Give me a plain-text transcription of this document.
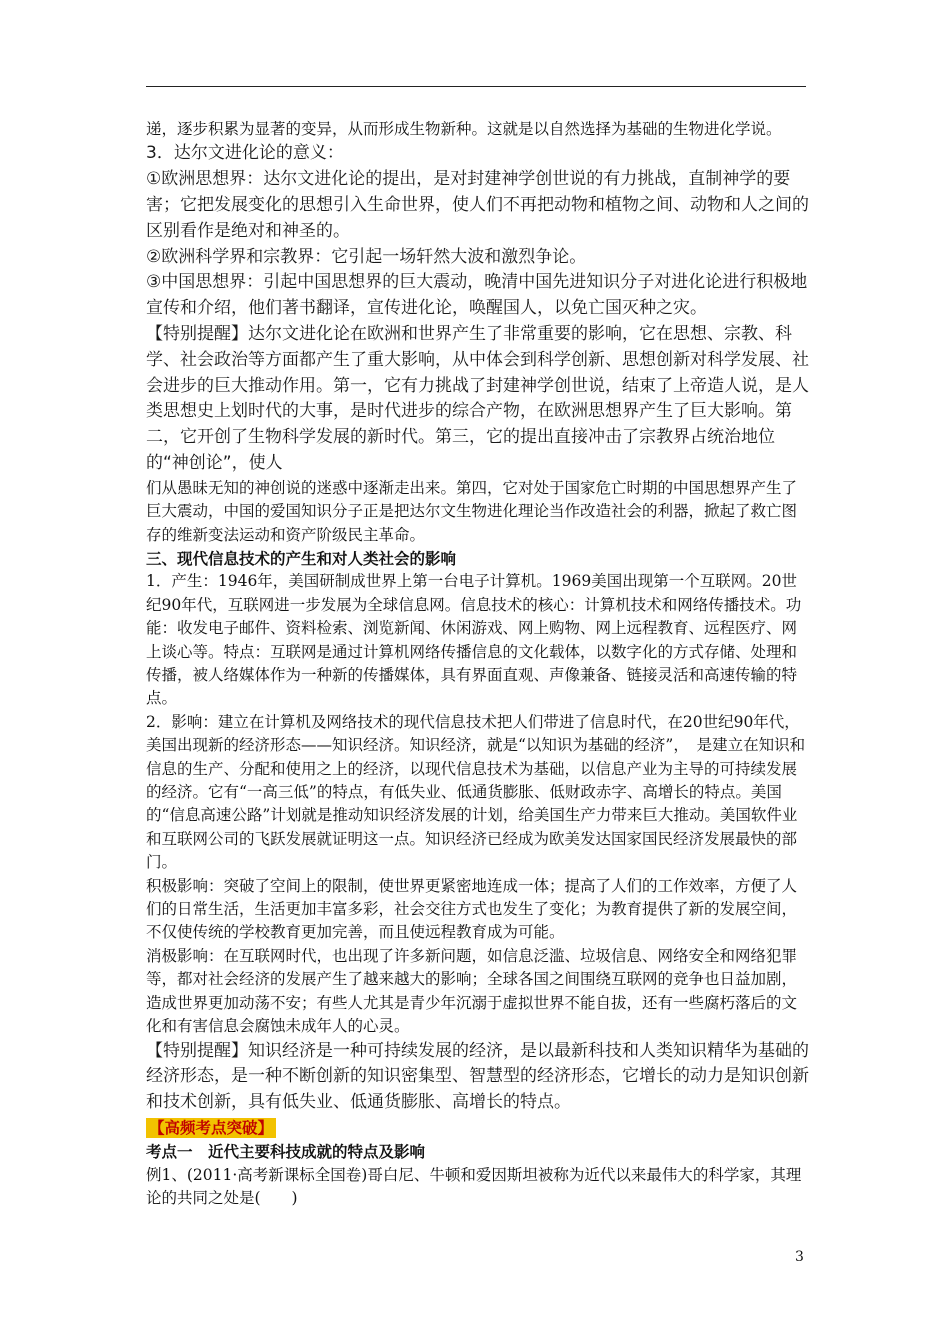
递，逐步积累为显著的变异，从而形成生物新种。这就是以自然选择为基础的生物进化学说。

3．达尔文进化论的意义：

①欧洲思想界：达尔文进化论的提出，是对封建神学创世说的有力挑战，直制神学的要害；它把发展变化的思想引入生命世界，使人们不再把动物和植物之间、动物和人之间的区别看作是绝对和神圣的。

②欧洲科学界和宗教界：它引起一场轩然大波和激烈争论。

③中国思想界：引起中国思想界的巨大震动，晚清中国先进知识分子对进化论进行积极地宣传和介绍，他们著书翻译，宣传进化论，唤醒国人，以免亡国灭种之灾。

【特别提醒】达尔文进化论在欧洲和世界产生了非常重要的影响，它在思想、宗教、科学、社会政治等方面都产生了重大影响，从中体会到科学创新、思想创新对科学发展、社会进步的巨大推动作用。第一，它有力挑战了封建神学创世说，结束了上帝造人说，是人类思想史上划时代的大事，是时代进步的综合产物，在欧洲思想界产生了巨大影响。第二，它开创了生物科学发展的新时代。第三，它的提出直接冲击了宗教界占统治地位的“神创论”，使人

们从愚昧无知的神创说的迷惑中逐渐走出来。第四，它对处于国家危亡时期的中国思想界产生了巨大震动，中国的爱国知识分子正是把达尔文生物进化理论当作改造社会的利器，掀起了救亡图存的维新变法运动和资产阶级民主革命。

三、现代信息技术的产生和对人类社会的影响

1．产生：1946年，美国研制成世界上第一台电子计算机。1969美国出现第一个互联网。20世纪90年代，互联网进一步发展为全球信息网。信息技术的核心：计算机技术和网络传播技术。功能：收发电子邮件、资料检索、浏览新闻、休闲游戏、网上购物、网上远程教育、远程医疗、网上谈心等。特点：互联网是通过计算机网络传播信息的文化载体，以数字化的方式存储、处理和传播，被人络媒体作为一种新的传播媒体，具有界面直观、声像兼备、链接灵活和高速传输的特点。

2．影响：建立在计算机及网络技术的现代信息技术把人们带进了信息时代，在20世纪90年代，美国出现新的经济形态——知识经济。知识经济，就是“以知识为基础的经济”，　是建立在知识和信息的生产、分配和使用之上的经济，以现代信息技术为基础，以信息产业为主导的可持续发展的经济。它有“一高三低”的特点，有低失业、低通货膨胀、低财政赤字、高增长的特点。美国的“信息高速公路”计划就是推动知识经济发展的计划，给美国生产力带来巨大推动。美国软件业和互联网公司的飞跃发展就证明这一点。知识经济已经成为欧美发达国家国民经济发展最快的部门。

积极影响：突破了空间上的限制，使世界更紧密地连成一体；提高了人们的工作效率，方便了人们的日常生活，生活更加丰富多彩，社会交往方式也发生了变化；为教育提供了新的发展空间，不仅使传统的学校教育更加完善，而且使远程教育成为可能。

消极影响：在互联网时代，也出现了许多新问题，如信息泛滥、垃圾信息、网络安全和网络犯罪等，都对社会经济的发展产生了越来越大的影响；全球各国之间围绕互联网的竞争也日益加剧，造成世界更加动荡不安；有些人尤其是青少年沉溺于虚拟世界不能自拔，还有一些腐朽落后的文化和有害信息会腐蚀未成年人的心灵。

【特别提醒】知识经济是一种可持续发展的经济，是以最新科技和人类知识精华为基础的经济形态，是一种不断创新的知识密集型、智慧型的经济形态，它增长的动力是知识创新和技术创新，具有低失业、低通货膨胀、高增长的特点。

【高频考点突破】

考点一　近代主要科技成就的特点及影响

例1、(2011·高考新课标全国卷)哥白尼、牛顿和爱因斯坦被称为近代以来最伟大的科学家，其理论的共同之处是(　　)

3
